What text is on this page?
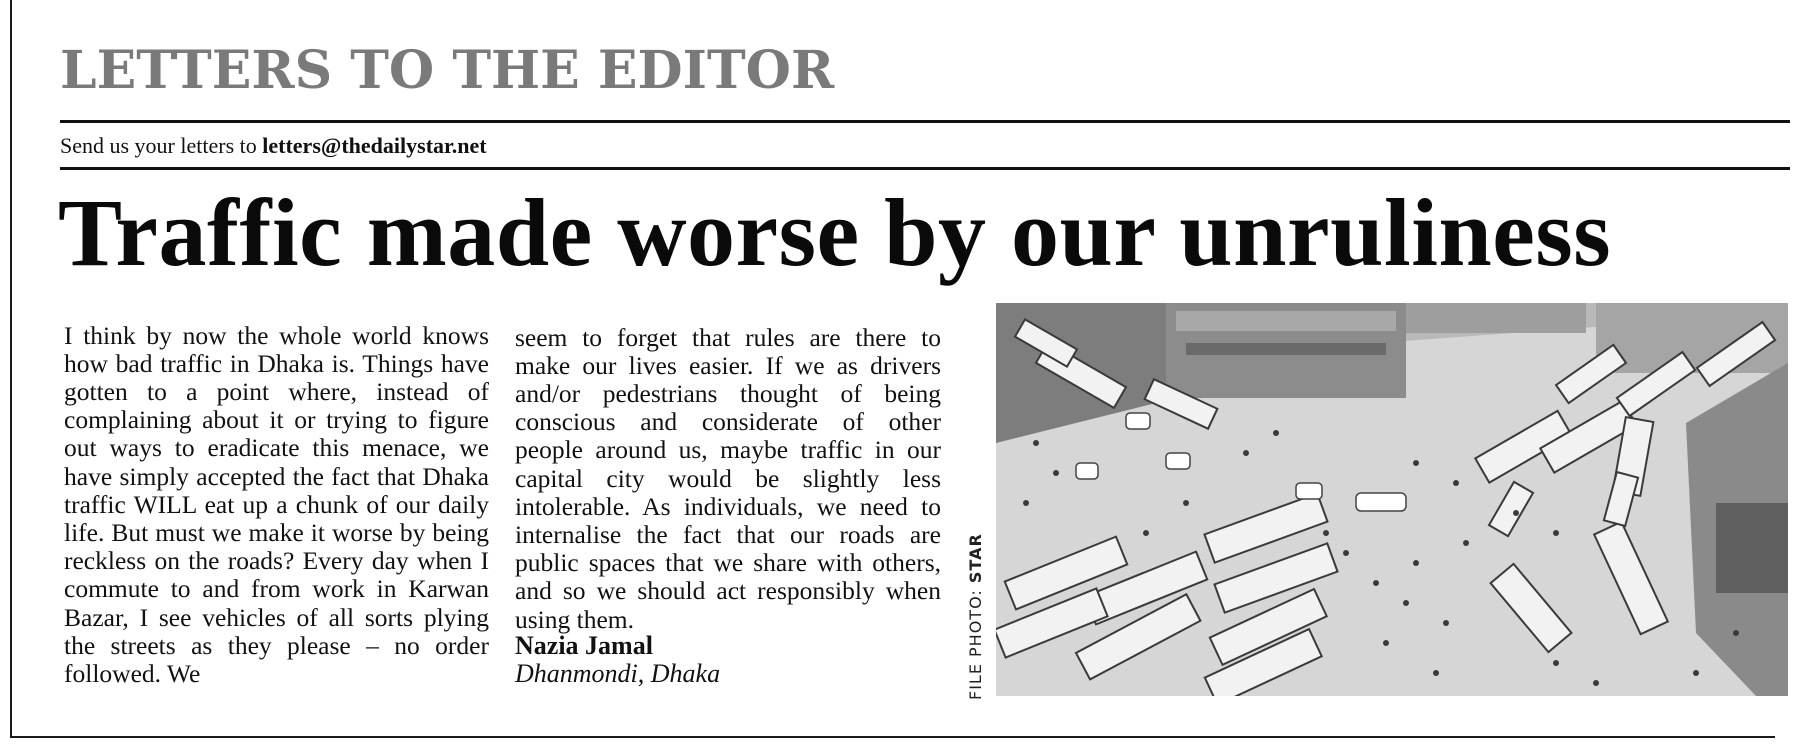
LETTERS TO THE EDITOR
Send us your letters to letters@thedailystar.net
Traffic made worse by our unruliness

I think by now the whole world knows how bad traffic in Dhaka is. Things have gotten to a point where, instead of complaining about it or trying to figure out ways to eradicate this menace, we have simply accepted the fact that Dhaka traffic WILL eat up a chunk of our daily life. But must we make it worse by being reckless on the roads? Every day when I commute to and from work in Karwan Bazar, I see vehicles of all sorts plying the streets as they please – no order followed. We

seem to forget that rules are there to make our lives easier. If we as drivers and/or pedestrians thought of being conscious and considerate of other people around us, maybe traffic in our capital city would be slightly less intolerable. As individuals, we need to internalise the fact that our roads are public spaces that we share with others, and so we should act responsibly when using them.

Nazia Jamal
Dhanmondi, Dhaka	FILE PHOTO: STAR
